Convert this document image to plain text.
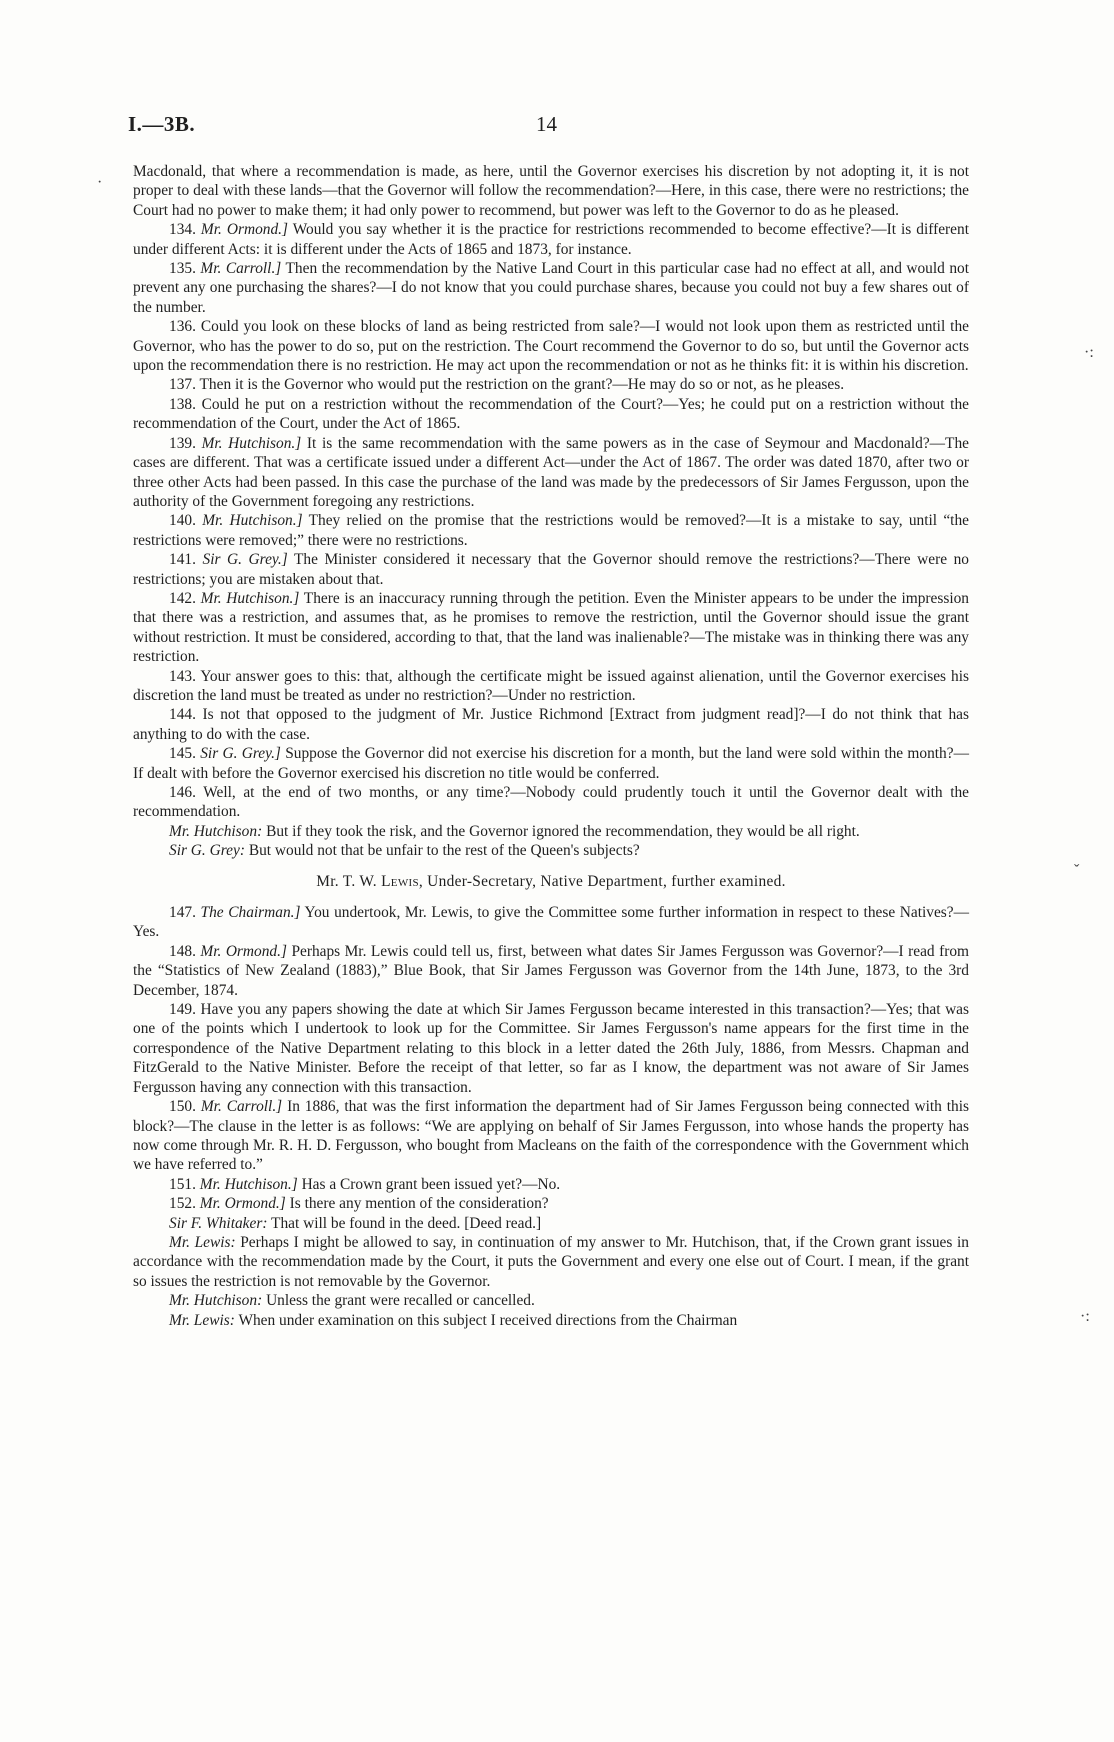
I.—3B.	14
·
·:
ˇ
·:

Macdonald, that where a recommendation is made, as here, until the Governor exercises his discretion by not adopting it, it is not proper to deal with these lands—that the Governor will follow the recommendation?—Here, in this case, there were no restrictions; the Court had no power to make them; it had only power to recommend, but power was left to the Governor to do as he pleased.

134. Mr. Ormond.] Would you say whether it is the practice for restrictions recommended to become effective?—It is different under different Acts: it is different under the Acts of 1865 and 1873, for instance.

135. Mr. Carroll.] Then the recommendation by the Native Land Court in this particular case had no effect at all, and would not prevent any one purchasing the shares?—I do not know that you could purchase shares, because you could not buy a few shares out of the number.

136. Could you look on these blocks of land as being restricted from sale?—I would not look upon them as restricted until the Governor, who has the power to do so, put on the restriction. The Court recommend the Governor to do so, but until the Governor acts upon the recommendation there is no restriction. He may act upon the recommendation or not as he thinks fit: it is within his discretion.

137. Then it is the Governor who would put the restriction on the grant?—He may do so or not, as he pleases.

138. Could he put on a restriction without the recommendation of the Court?—Yes; he could put on a restriction without the recommendation of the Court, under the Act of 1865.

139. Mr. Hutchison.] It is the same recommendation with the same powers as in the case of Seymour and Macdonald?—The cases are different. That was a certificate issued under a different Act—under the Act of 1867. The order was dated 1870, after two or three other Acts had been passed. In this case the purchase of the land was made by the predecessors of Sir James Fergusson, upon the authority of the Government foregoing any restrictions.

140. Mr. Hutchison.] They relied on the promise that the restrictions would be removed?—It is a mistake to say, until “the restrictions were removed;” there were no restrictions.

141. Sir G. Grey.] The Minister considered it necessary that the Governor should remove the restrictions?—There were no restrictions; you are mistaken about that.

142. Mr. Hutchison.] There is an inaccuracy running through the petition. Even the Minister appears to be under the impression that there was a restriction, and assumes that, as he promises to remove the restriction, until the Governor should issue the grant without restriction. It must be considered, according to that, that the land was inalienable?—The mistake was in thinking there was any restriction.

143. Your answer goes to this: that, although the certificate might be issued against alienation, until the Governor exercises his discretion the land must be treated as under no restriction?—Under no restriction.

144. Is not that opposed to the judgment of Mr. Justice Richmond [Extract from judgment read]?—I do not think that has anything to do with the case.

145. Sir G. Grey.] Suppose the Governor did not exercise his discretion for a month, but the land were sold within the month?—If dealt with before the Governor exercised his discretion no title would be conferred.

146. Well, at the end of two months, or any time?—Nobody could prudently touch it until the Governor dealt with the recommendation.

Mr. Hutchison: But if they took the risk, and the Governor ignored the recommendation, they would be all right.

Sir G. Grey: But would not that be unfair to the rest of the Queen's subjects?

Mr. T. W. Lewis, Under-Secretary, Native Department, further examined.

147. The Chairman.] You undertook, Mr. Lewis, to give the Committee some further information in respect to these Natives?—Yes.

148. Mr. Ormond.] Perhaps Mr. Lewis could tell us, first, between what dates Sir James Fergusson was Governor?—I read from the “Statistics of New Zealand (1883),” Blue Book, that Sir James Fergusson was Governor from the 14th June, 1873, to the 3rd December, 1874.

149. Have you any papers showing the date at which Sir James Fergusson became interested in this transaction?—Yes; that was one of the points which I undertook to look up for the Committee. Sir James Fergusson's name appears for the first time in the correspondence of the Native Department relating to this block in a letter dated the 26th July, 1886, from Messrs. Chapman and FitzGerald to the Native Minister. Before the receipt of that letter, so far as I know, the department was not aware of Sir James Fergusson having any connection with this transaction.

150. Mr. Carroll.] In 1886, that was the first information the department had of Sir James Fergusson being connected with this block?—The clause in the letter is as follows: “We are applying on behalf of Sir James Fergusson, into whose hands the property has now come through Mr. R. H. D. Fergusson, who bought from Macleans on the faith of the correspondence with the Government which we have referred to.”

151. Mr. Hutchison.] Has a Crown grant been issued yet?—No.

152. Mr. Ormond.] Is there any mention of the consideration?

Sir F. Whitaker: That will be found in the deed. [Deed read.]

Mr. Lewis: Perhaps I might be allowed to say, in continuation of my answer to Mr. Hutchison, that, if the Crown grant issues in accordance with the recommendation made by the Court, it puts the Government and every one else out of Court. I mean, if the grant so issues the restriction is not removable by the Governor.

Mr. Hutchison: Unless the grant were recalled or cancelled.

Mr. Lewis: When under examination on this subject I received directions from the Chairman
